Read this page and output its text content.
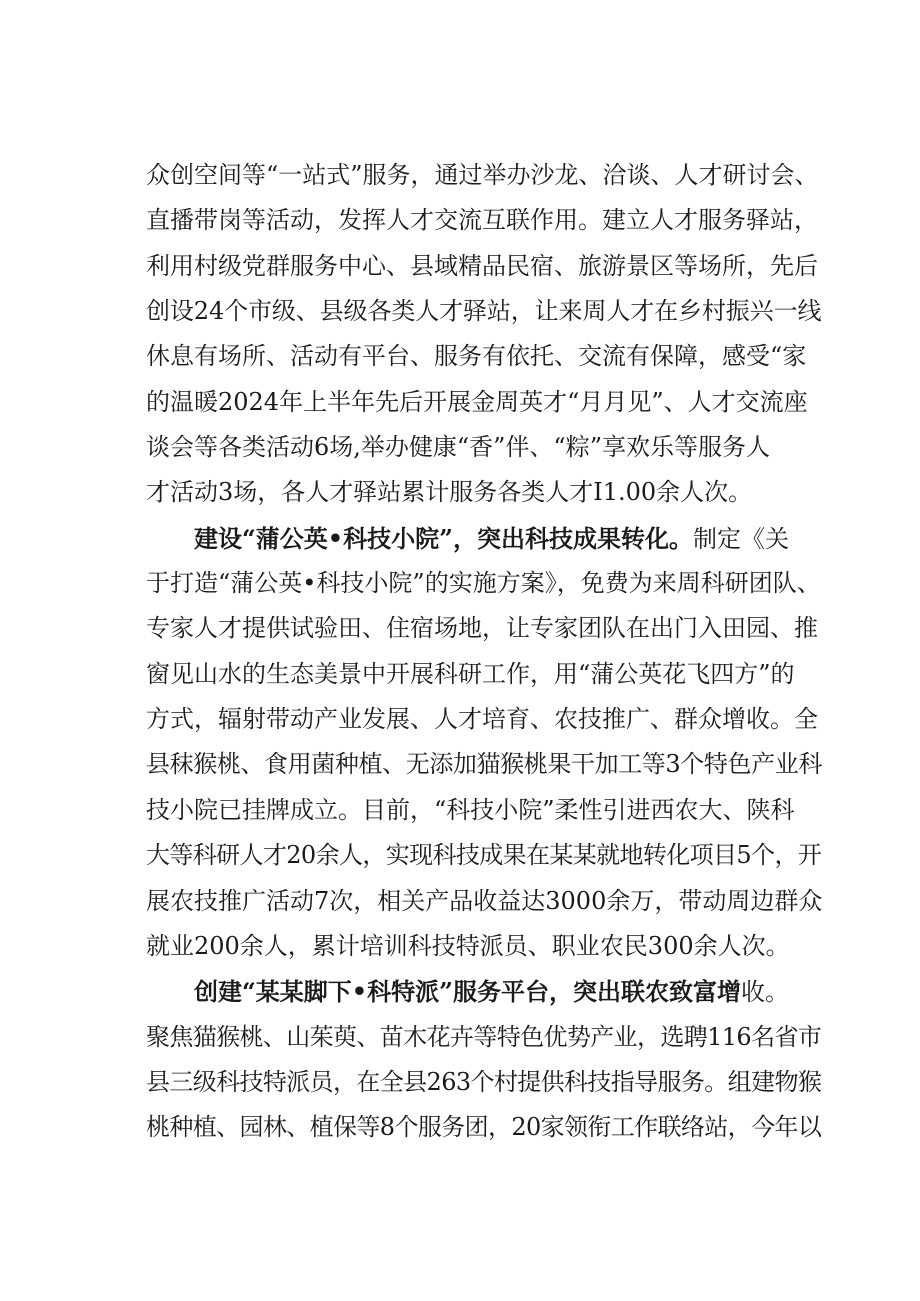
众创空间等“一站式”服务，通过举办沙龙、洽谈、人才研讨会、
直播带岗等活动，发挥人才交流互联作用。建立人才服务驿站，
利用村级党群服务中心、县域精品民宿、旅游景区等场所，先后
创设24个市级、县级各类人才驿站，让来周人才在乡村振兴一线
休息有场所、活动有平台、服务有依托、交流有保障，感受“家
的温暖2024年上半年先后开展金周英才“月月见”、人才交流座
谈会等各类活动6场,举办健康“香”伴、“粽”享欢乐等服务人
才活动3场，各人才驿站累计服务各类人才I1.00余人次。
建设“蒲公英•科技小院”，突出科技成果转化。制定《关
于打造“蒲公英•科技小院”的实施方案》，免费为来周科研团队、
专家人才提供试验田、住宿场地，让专家团队在出门入田园、推
窗见山水的生态美景中开展科研工作，用“蒲公英花飞四方”的
方式，辐射带动产业发展、人才培育、农技推广、群众增收。全
县秣猴桃、食用菌种植、无添加猫猴桃果干加工等3个特色产业科
技小院已挂牌成立。目前，“科技小院”柔性引进西农大、陕科
大等科研人才20余人，实现科技成果在某某就地转化项目5个，开
展农技推广活动7次，相关产品收益达3000余万，带动周边群众
就业200余人，累计培训科技特派员、职业农民300余人次。
创建“某某脚下•科特派”服务平台，突出联农致富增收。
聚焦猫猴桃、山茱萸、苗木花卉等特色优势产业，选聘116名省市
县三级科技特派员，在全县263个村提供科技指导服务。组建物猴
桃种植、园林、植保等8个服务团，20家领衔工作联络站，今年以
